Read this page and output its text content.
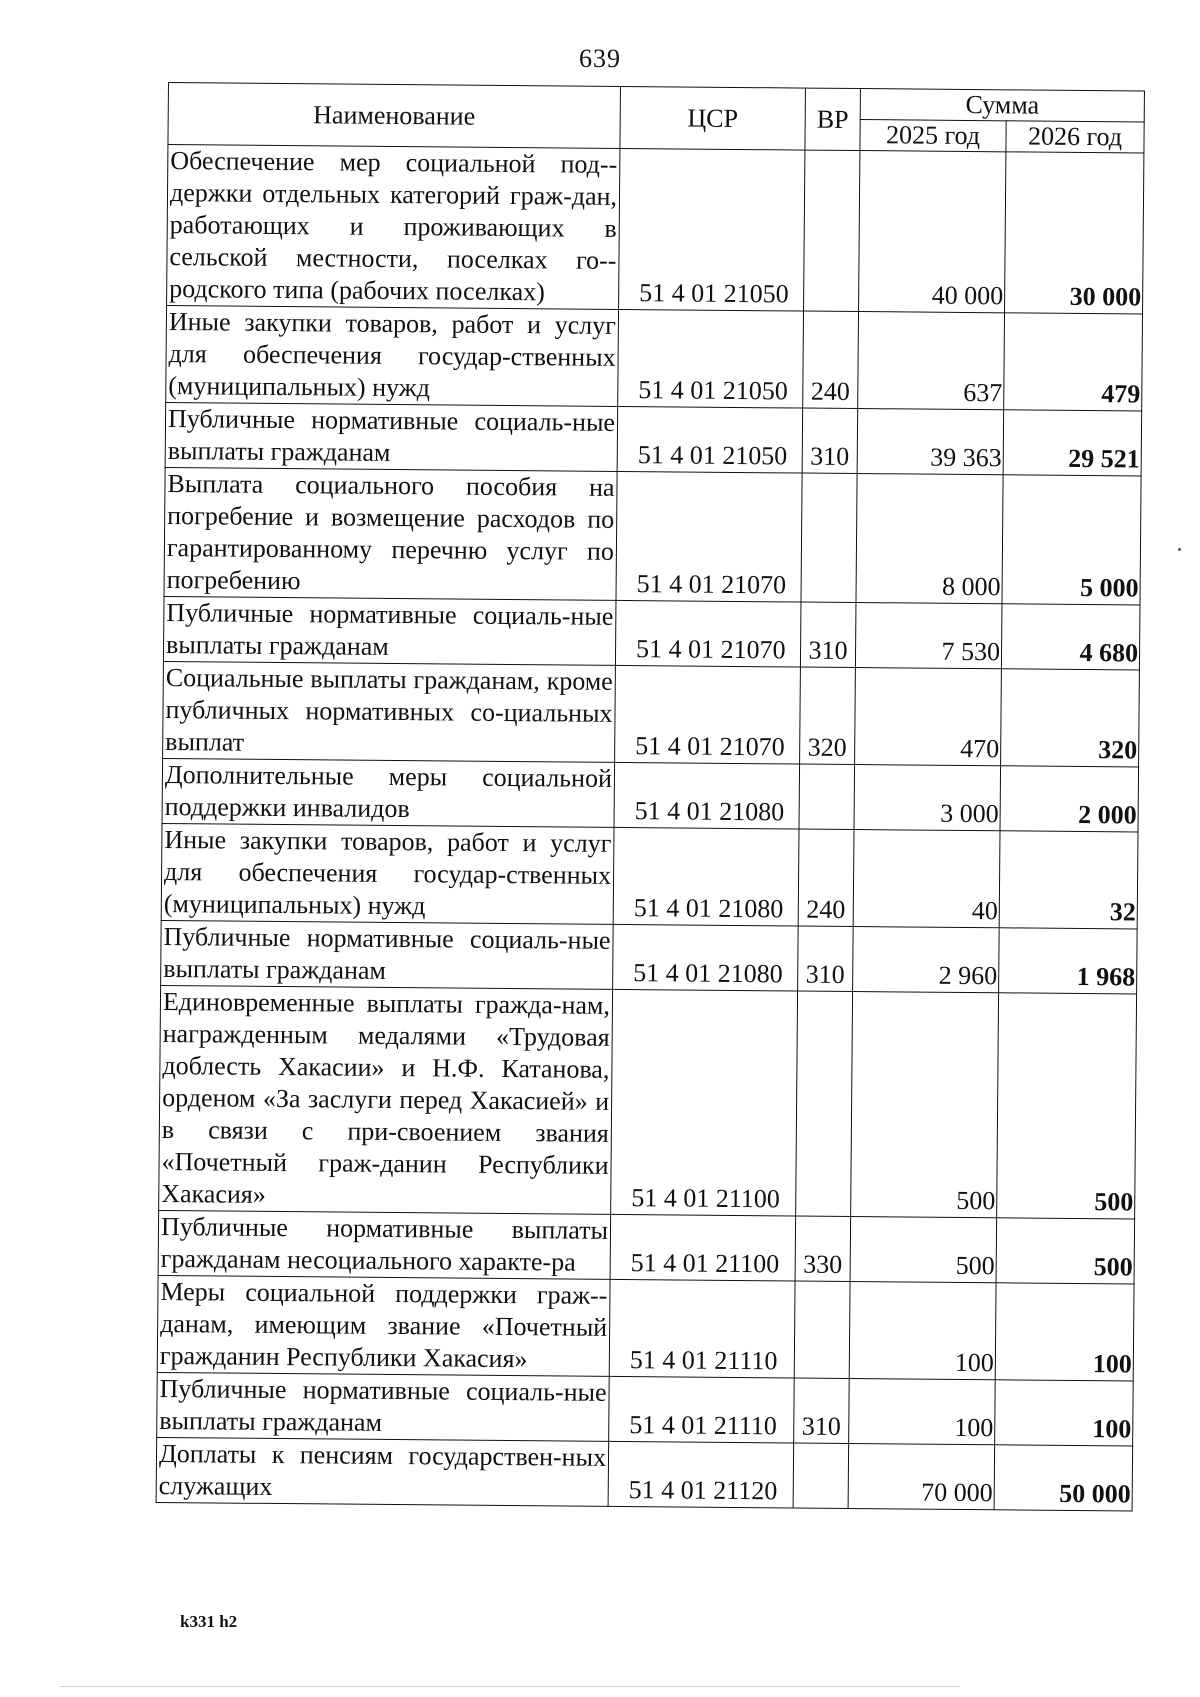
639
Наименование	ЦСР	ВР	Сумма	
			2025 год	2026 год
Обеспечение мер социальной под-держки отдельных категорий граж-дан, работающих и проживающих в сельской местности, поселках го-родского типа (рабочих поселках)	51 4 01 21050		40 000	30 000
Иные закупки товаров, работ и услуг для обеспечения государ-ственных (муниципальных) нужд	51 4 01 21050	240	637	479
Публичные нормативные социаль-ные выплаты гражданам	51 4 01 21050	310	39 363	29 521
Выплата социального пособия на погребение и возмещение расходов по гарантированному перечню услуг по погребению	51 4 01 21070		8 000	5 000
Публичные нормативные социаль-ные выплаты гражданам	51 4 01 21070	310	7 530	4 680
Социальные выплаты гражданам, кроме публичных нормативных со-циальных выплат	51 4 01 21070	320	470	320
Дополнительные меры социальной поддержки инвалидов	51 4 01 21080		3 000	2 000
Иные закупки товаров, работ и услуг для обеспечения государ-ственных (муниципальных) нужд	51 4 01 21080	240	40	32
Публичные нормативные социаль-ные выплаты гражданам	51 4 01 21080	310	2 960	1 968
Единовременные выплаты гражда-нам, награжденным медалями «Трудовая доблесть Хакасии» и Н.Ф. Катанова, орденом «За заслуги перед Хакасией» и в связи с при-своением звания «Почетный граж-данин Республики Хакасия»	51 4 01 21100		500	500
Публичные нормативные выплаты гражданам несоциального характе-ра	51 4 01 21100	330	500	500
Меры социальной поддержки граж-данам, имеющим звание «Почетный гражданин Республики Хакасия»	51 4 01 21110		100	100
Публичные нормативные социаль-ные выплаты гражданам	51 4 01 21110	310	100	100
Доплаты к пенсиям государствен-ных служащих	51 4 01 21120		70 000	50 000
k331 h2
